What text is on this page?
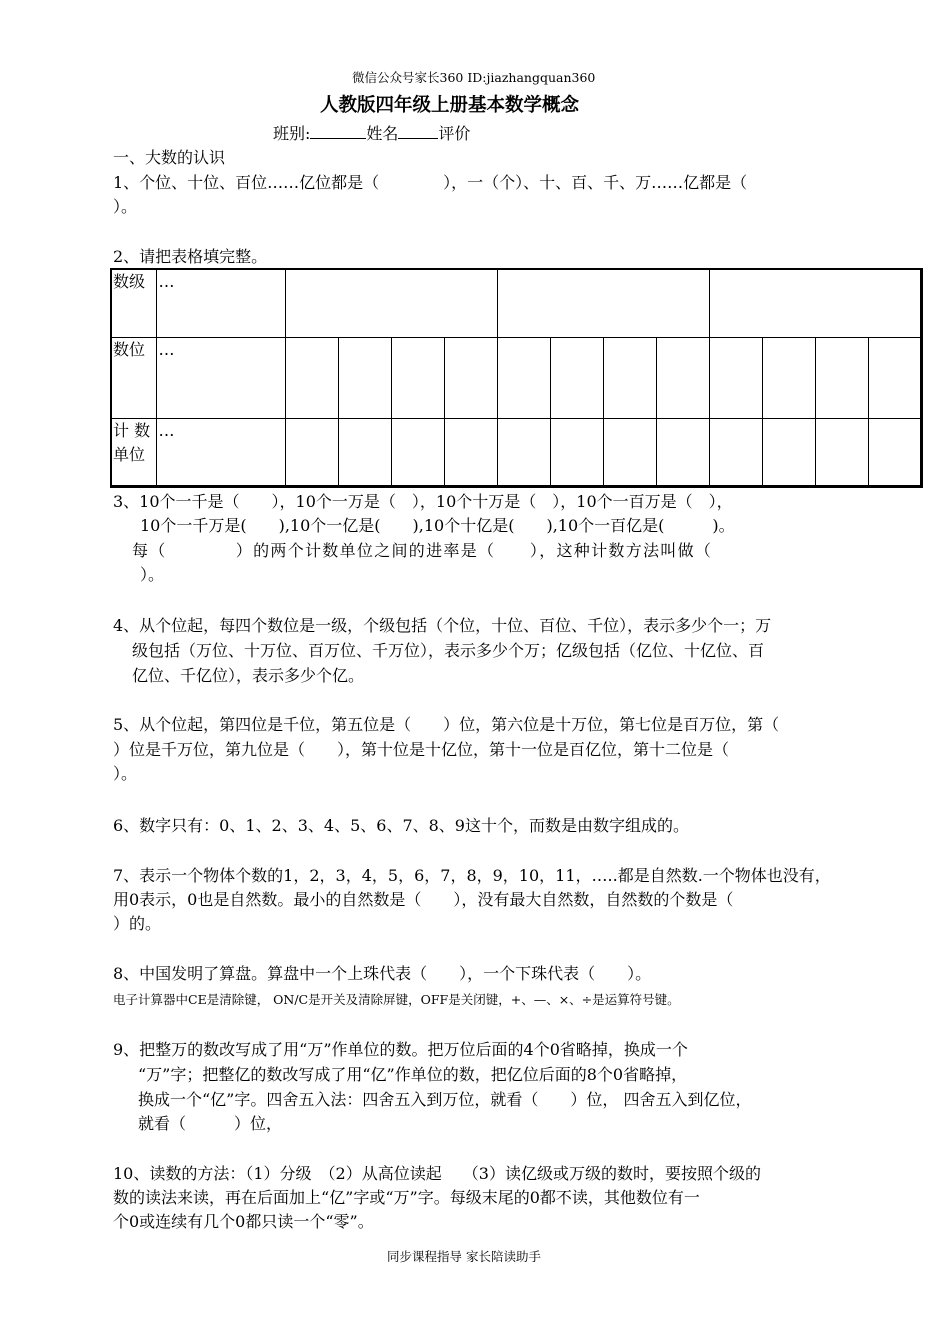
微信公众号家长360 ID:jiazhangquan360
人教版四年级上册基本数学概念
班别:	姓名	评价
一、大数的认识
1、个位、十位、百位……亿位都是（　　　　），一（个）、十、百、千、万……亿都是（
）。
2、请把表格填完整。
数级	…												
数位	…												
计 数
单位	…												
3、10个一千是（　　），10个一万是（　），10个十万是（　），10个一百万是（　），
10个一千万是(　　),10个一亿是(　　),10个十亿是(　　),10个一百亿是(　　　)。
每（　　　　）的两个计数单位之间的进率是（　　），这种计数方法叫做（
）。
4、从个位起，每四个数位是一级，个级包括（个位，十位、百位、千位），表示多少个一；万
级包括（万位、十万位、百万位、千万位），表示多少个万；亿级包括（亿位、十亿位、百
亿位、千亿位），表示多少个亿。
5、从个位起，第四位是千位，第五位是（　　）位，第六位是十万位，第七位是百万位，第（
）位是千万位，第九位是（　　），第十位是十亿位，第十一位是百亿位，第十二位是（
）。
6、数字只有：0、1、2、3、4、5、6、7、8、9这十个，而数是由数字组成的。
7、表示一个物体个数的1，2，3，4，5，6，7，8，9，10，11，…..都是自然数.一个物体也没有，
用0表示，0也是自然数。最小的自然数是（　　），没有最大自然数，自然数的个数是（
）的。
8、中国发明了算盘。算盘中一个上珠代表（　　），一个下珠代表（　　）。
电子计算器中CE是清除键， ON/C是开关及清除屏键，OFF是关闭键，+、—、×、÷是运算符号键。
9、把整万的数改写成了用“万”作单位的数。把万位后面的4个0省略掉，换成一个
“万”字；把整亿的数改写成了用“亿”作单位的数，把亿位后面的8个0省略掉，
换成一个“亿”字。四舍五入法：四舍五入到万位，就看（　　）位， 四舍五入到亿位，
就看（　　　）位，
10、读数的方法：（1）分级　（2）从高位读起　 （3）读亿级或万级的数时，要按照个级的
数的读法来读，再在后面加上“亿”字或“万”字。每级末尾的0都不读，其他数位有一
个0或连续有几个0都只读一个“零”。
同步课程指导 家长陪读助手
